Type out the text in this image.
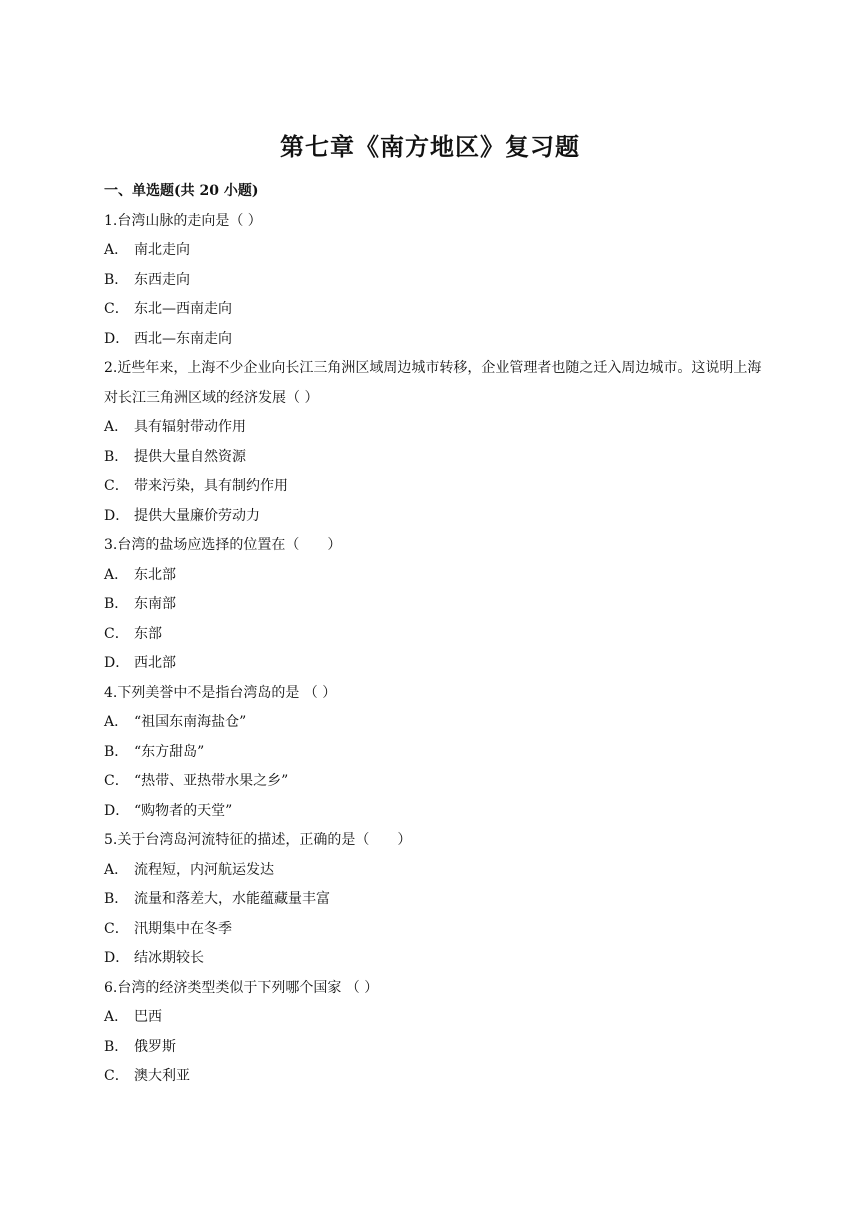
第七章《南方地区》复习题
一、单选题(共 20 小题)
1.台湾山脉的走向是（ ）
A． 南北走向
B． 东西走向
C． 东北—西南走向
D． 西北—东南走向
2.近些年来，上海不少企业向长江三角洲区域周边城市转移，企业管理者也随之迁入周边城市。这说明上海对长江三角洲区域的经济发展（ ）
A． 具有辐射带动作用
B． 提供大量自然资源
C． 带来污染，具有制约作用
D． 提供大量廉价劳动力
3.台湾的盐场应选择的位置在（　　）
A． 东北部
B． 东南部
C． 东部
D． 西北部
4.下列美誉中不是指台湾岛的是 （ ）
A． “祖国东南海盐仓”
B． “东方甜岛”
C． “热带、亚热带水果之乡”
D． “购物者的天堂”
5.关于台湾岛河流特征的描述，正确的是（　　）
A． 流程短，内河航运发达
B． 流量和落差大，水能蕴藏量丰富
C． 汛期集中在冬季
D． 结冰期较长
6.台湾的经济类型类似于下列哪个国家 （ ）
A． 巴西
B． 俄罗斯
C． 澳大利亚
